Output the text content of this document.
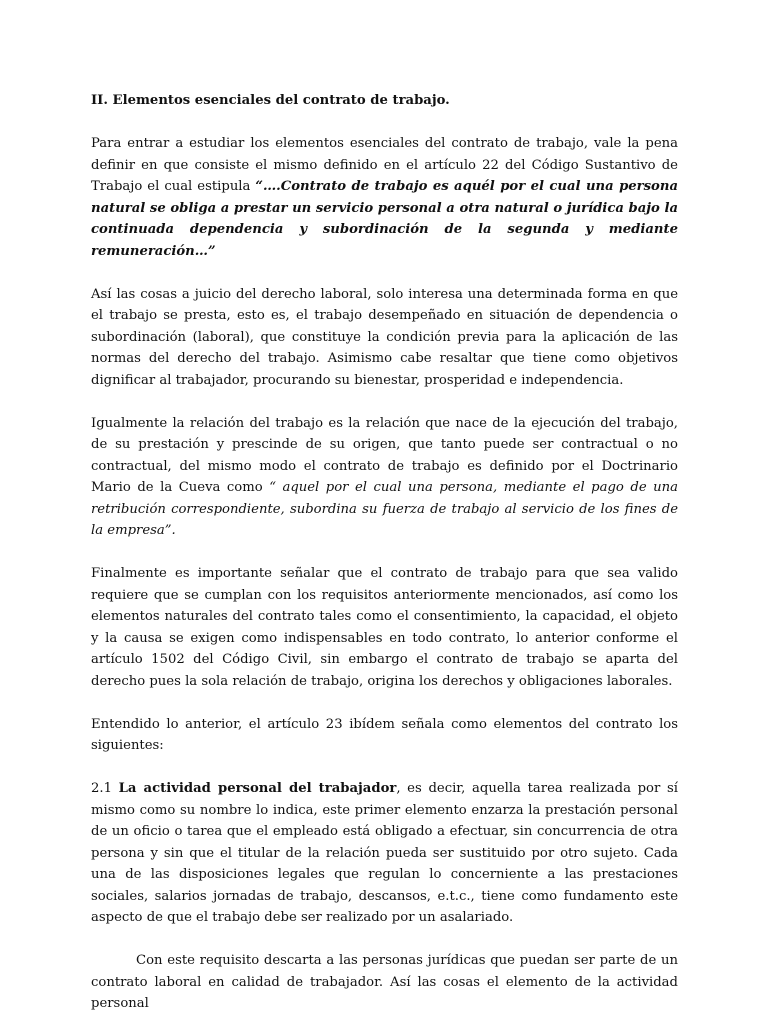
II. Elementos esenciales del contrato de trabajo.

Para entrar a estudiar los elementos esenciales del contrato de trabajo, vale la pena definir en que consiste el mismo definido en el artículo 22 del Código Sustantivo de Trabajo el cual estipula “….Contrato de trabajo es aquél por el cual una persona natural se obliga a prestar un servicio personal a otra natural o jurídica bajo la continuada dependencia y subordinación de la segunda y mediante remuneración…”

Así las cosas a juicio del derecho laboral, solo interesa una determinada forma en que el trabajo se presta, esto es, el trabajo desempeñado en situación de dependencia o subordinación (laboral), que constituye la condición previa para la aplicación de las normas del derecho del trabajo. Asimismo cabe resaltar que tiene como objetivos dignificar al trabajador, procurando su bienestar, prosperidad e independencia.

Igualmente la relación del trabajo es la relación que nace de la ejecución del trabajo, de su prestación y prescinde de su origen, que tanto puede ser contractual o no contractual, del mismo modo el contrato de trabajo es definido por el Doctrinario Mario de la Cueva como “ aquel por el cual una persona, mediante el pago de una retribución correspondiente, subordina su fuerza de trabajo al servicio de los fines de la empresa”.

Finalmente es importante señalar que el contrato de trabajo para que sea valido requiere que se cumplan con los requisitos anteriormente mencionados, así como los elementos naturales del contrato tales como el consentimiento, la capacidad, el objeto y la causa se exigen como indispensables en todo contrato, lo anterior conforme el artículo 1502 del Código Civil, sin embargo el contrato de trabajo se aparta del derecho pues la sola relación de trabajo, origina los derechos y obligaciones laborales.

Entendido lo anterior, el artículo 23 ibídem señala como elementos del contrato los siguientes:

2.1 La actividad personal del trabajador, es decir, aquella tarea realizada por sí mismo como su nombre lo indica, este primer elemento enzarza la prestación personal de un oficio o tarea que el empleado está obligado a efectuar, sin concurrencia de otra persona y sin que el titular de la relación pueda ser sustituido por otro sujeto. Cada una de las disposiciones legales que regulan lo concerniente a las prestaciones sociales, salarios jornadas de trabajo, descansos, e.t.c., tiene como fundamento este aspecto de que el trabajo debe ser realizado por un asalariado.

Con este requisito descarta a las personas jurídicas que puedan ser parte de un contrato laboral en calidad de trabajador. Así las cosas el elemento de la actividad personal
